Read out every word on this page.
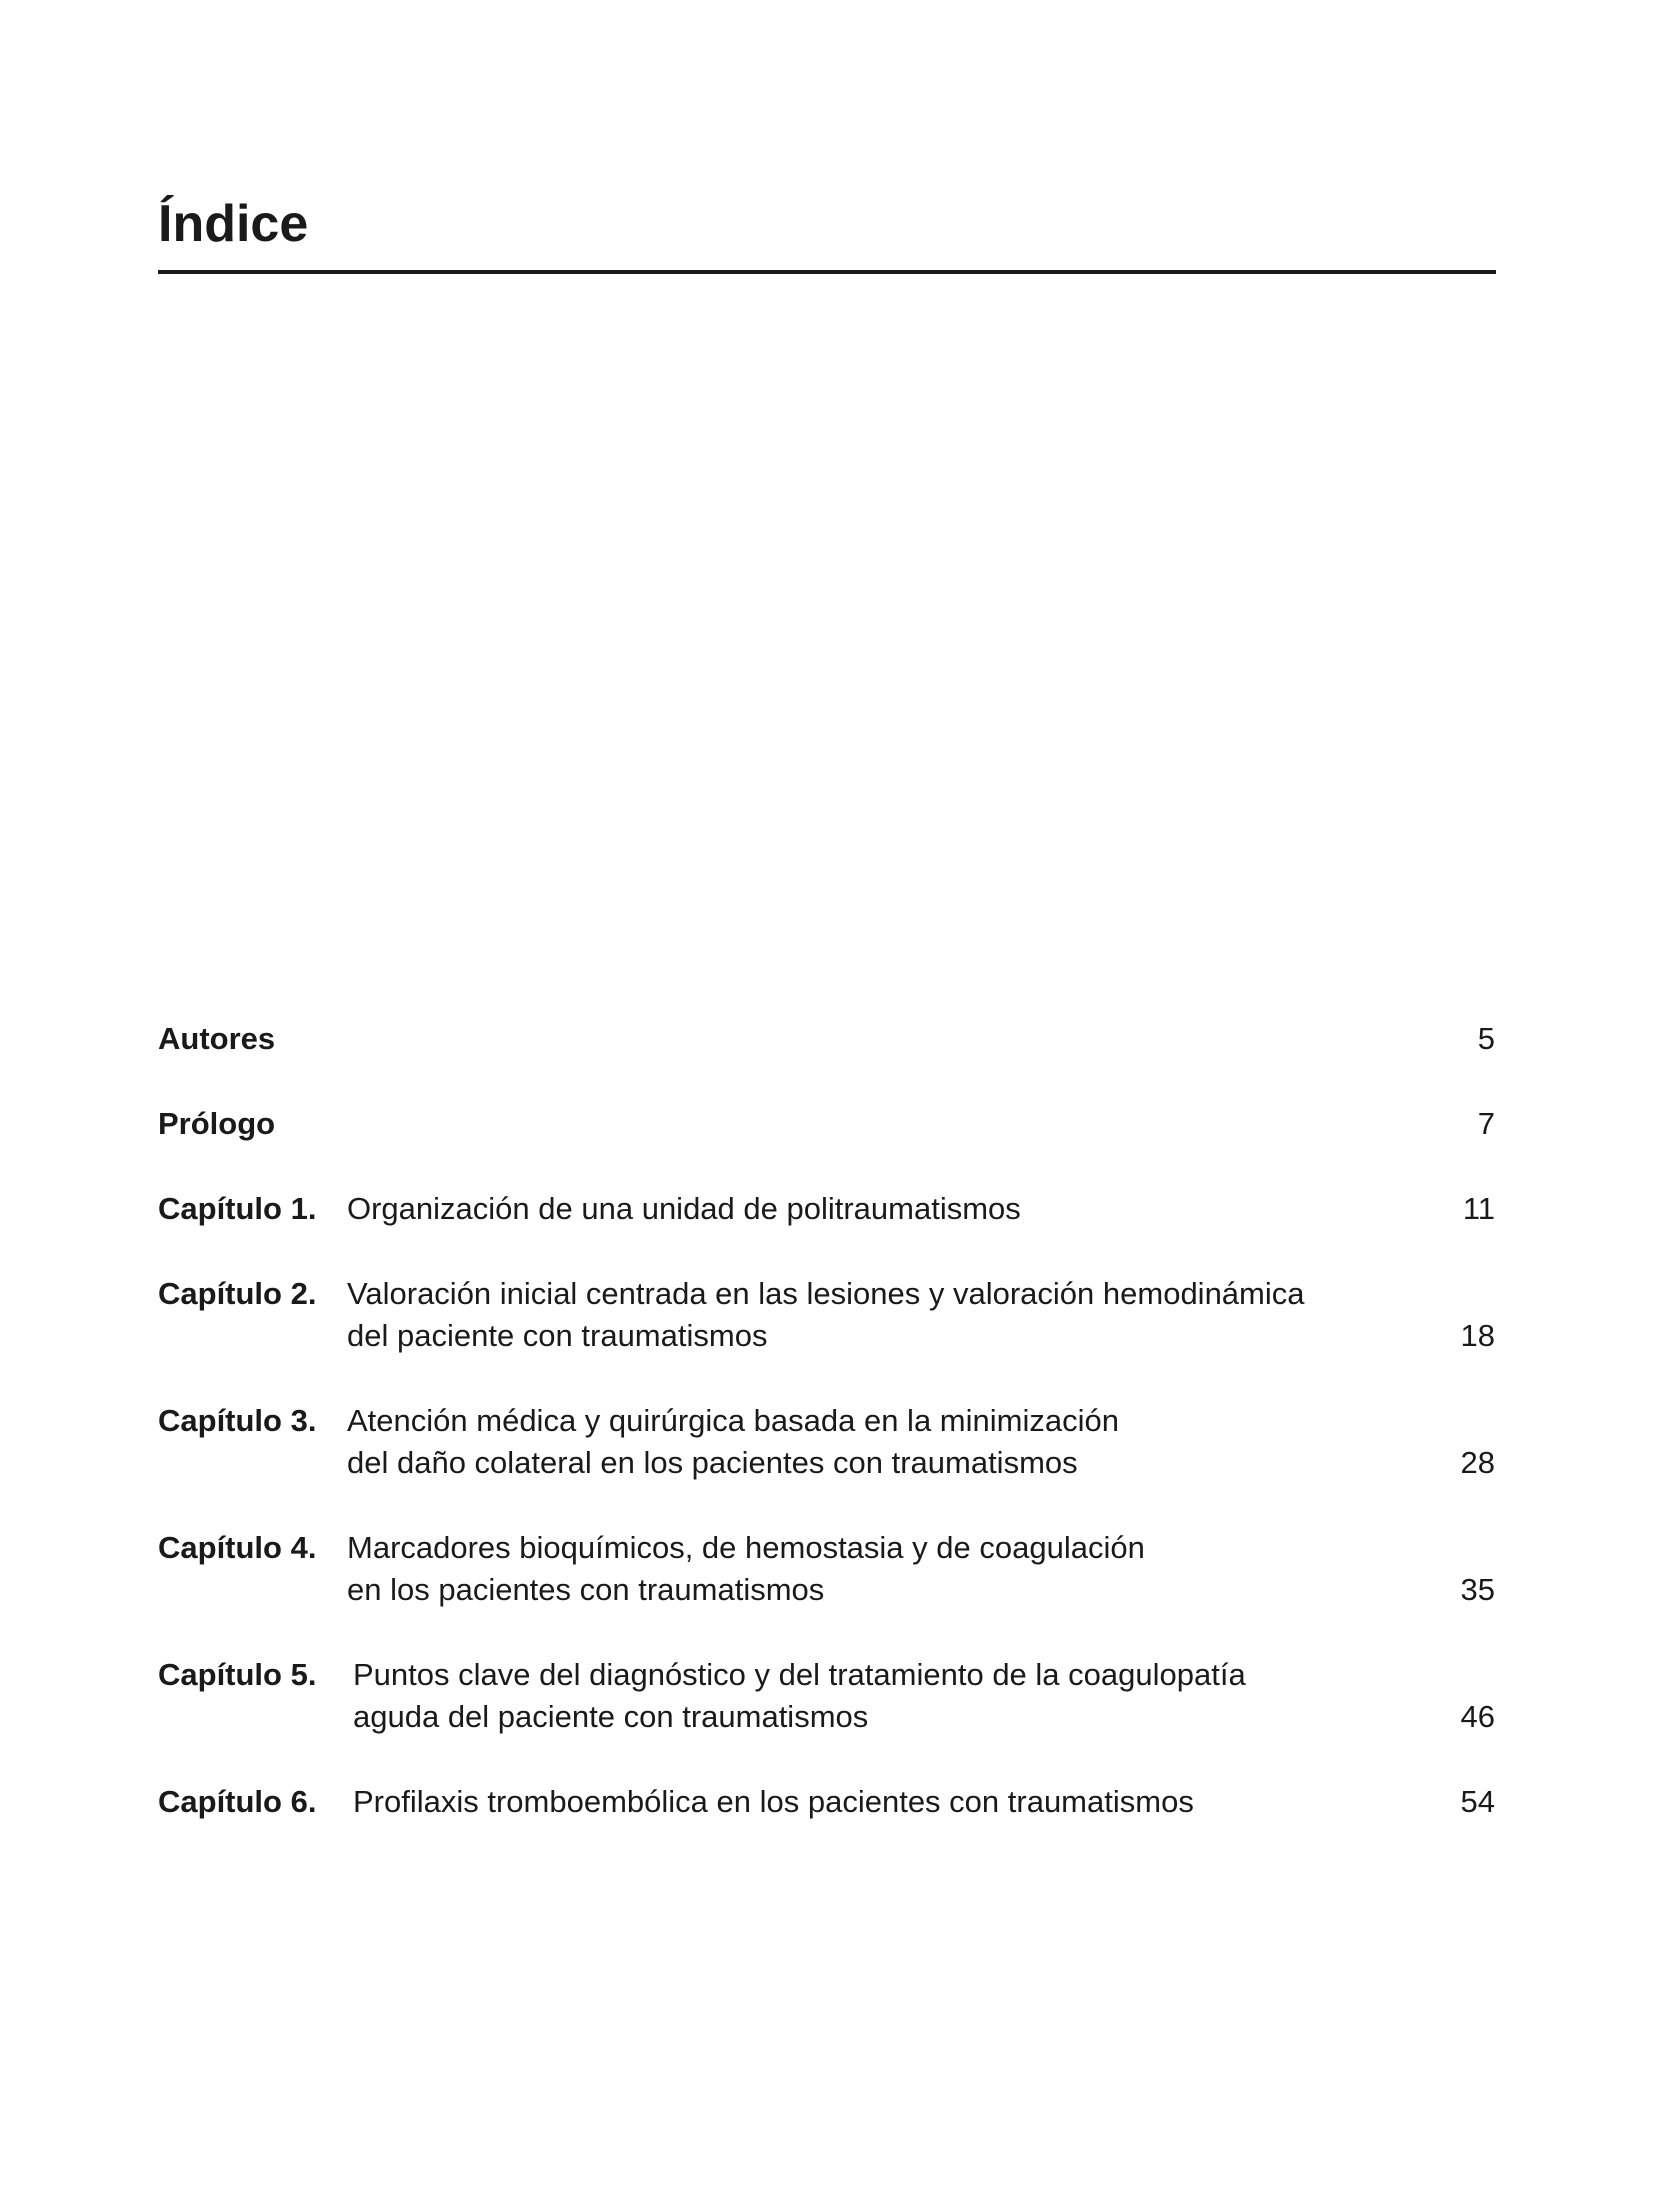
Índice
Autores	5
Prólogo	7
Capítulo 1. Organización de una unidad de politraumatismos	11
Capítulo 2. Valoración inicial centrada en las lesiones y valoración hemodinámica
del paciente con traumatismos	18
Capítulo 3. Atención médica y quirúrgica basada en la minimización
del daño colateral en los pacientes con traumatismos	28
Capítulo 4. Marcadores bioquímicos, de hemostasia y de coagulación
en los pacientes con traumatismos	35
Capítulo 5.	Puntos clave del diagnóstico y del tratamiento de la coagulopatía
aguda del paciente con traumatismos	46
Capítulo 6.	Profilaxis tromboembólica en los pacientes con traumatismos	54
